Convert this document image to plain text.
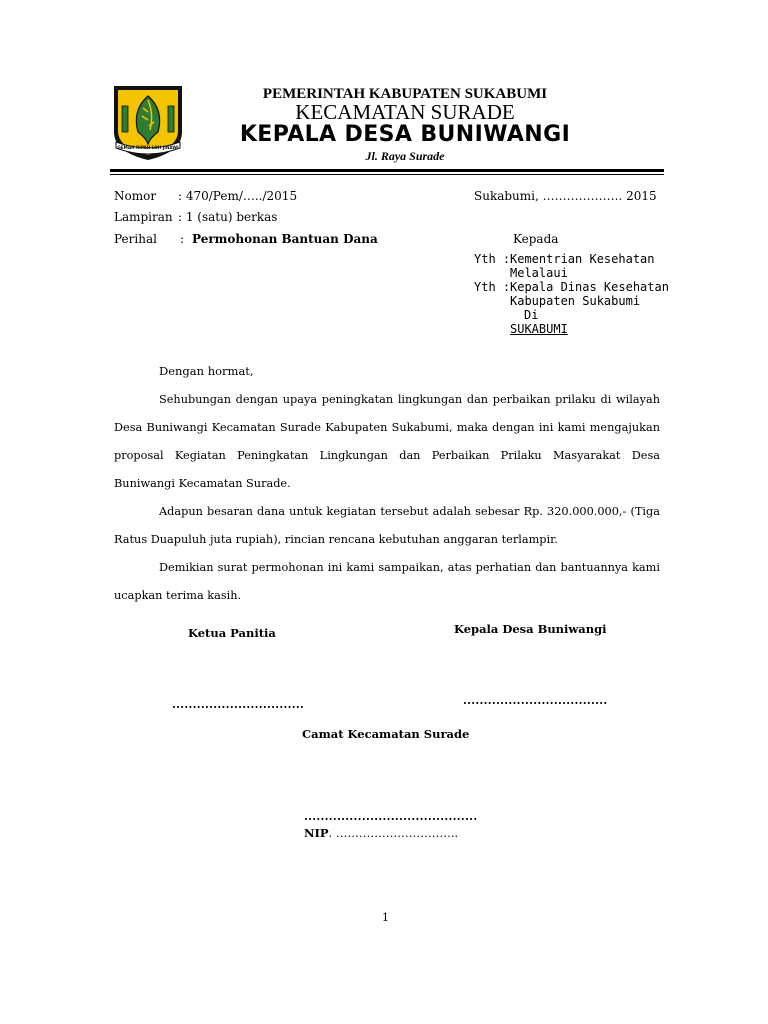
GEMAH RIPAH LOH JINAWI
PEMERINTAH KABUPATEN SUKABUMI
KECAMATAN SURADE
KEPALA DESA BUNIWANGI
Jl. Raya Surade
Nomor : 470/Pem/…../2015
Lampiran : 1 (satu) berkas
Perihal : Permohonan Bantuan Dana
Sukabumi, ……………….. 2015
Kepada
Yth : Kementrian Kesehatan
Melalaui
Yth : Kepala Dinas Kesehatan
Kabupaten Sukabumi
Di
SUKABUMI
Dengan hormat,

Sehubungan dengan upaya peningkatan lingkungan dan perbaikan prilaku di wilayah Desa Buniwangi Kecamatan Surade Kabupaten Sukabumi, maka dengan ini kami mengajukan proposal Kegiatan Peningkatan Lingkungan dan Perbaikan Prilaku Masyarakat Desa Buniwangi Kecamatan Surade.

Adapun besaran dana untuk kegiatan tersebut adalah sebesar Rp. 320.000.000,- (Tiga Ratus Duapuluh juta rupiah), rincian rencana kebutuhan anggaran terlampir.

Demikian surat permohonan ini kami sampaikan, atas perhatian dan bantuannya kami ucapkan terima kasih.

Ketua Panitia	Kepala Desa Buniwangi
................................	...................................
Camat Kecamatan Surade
..........................................
NIP. …………………………..
1
